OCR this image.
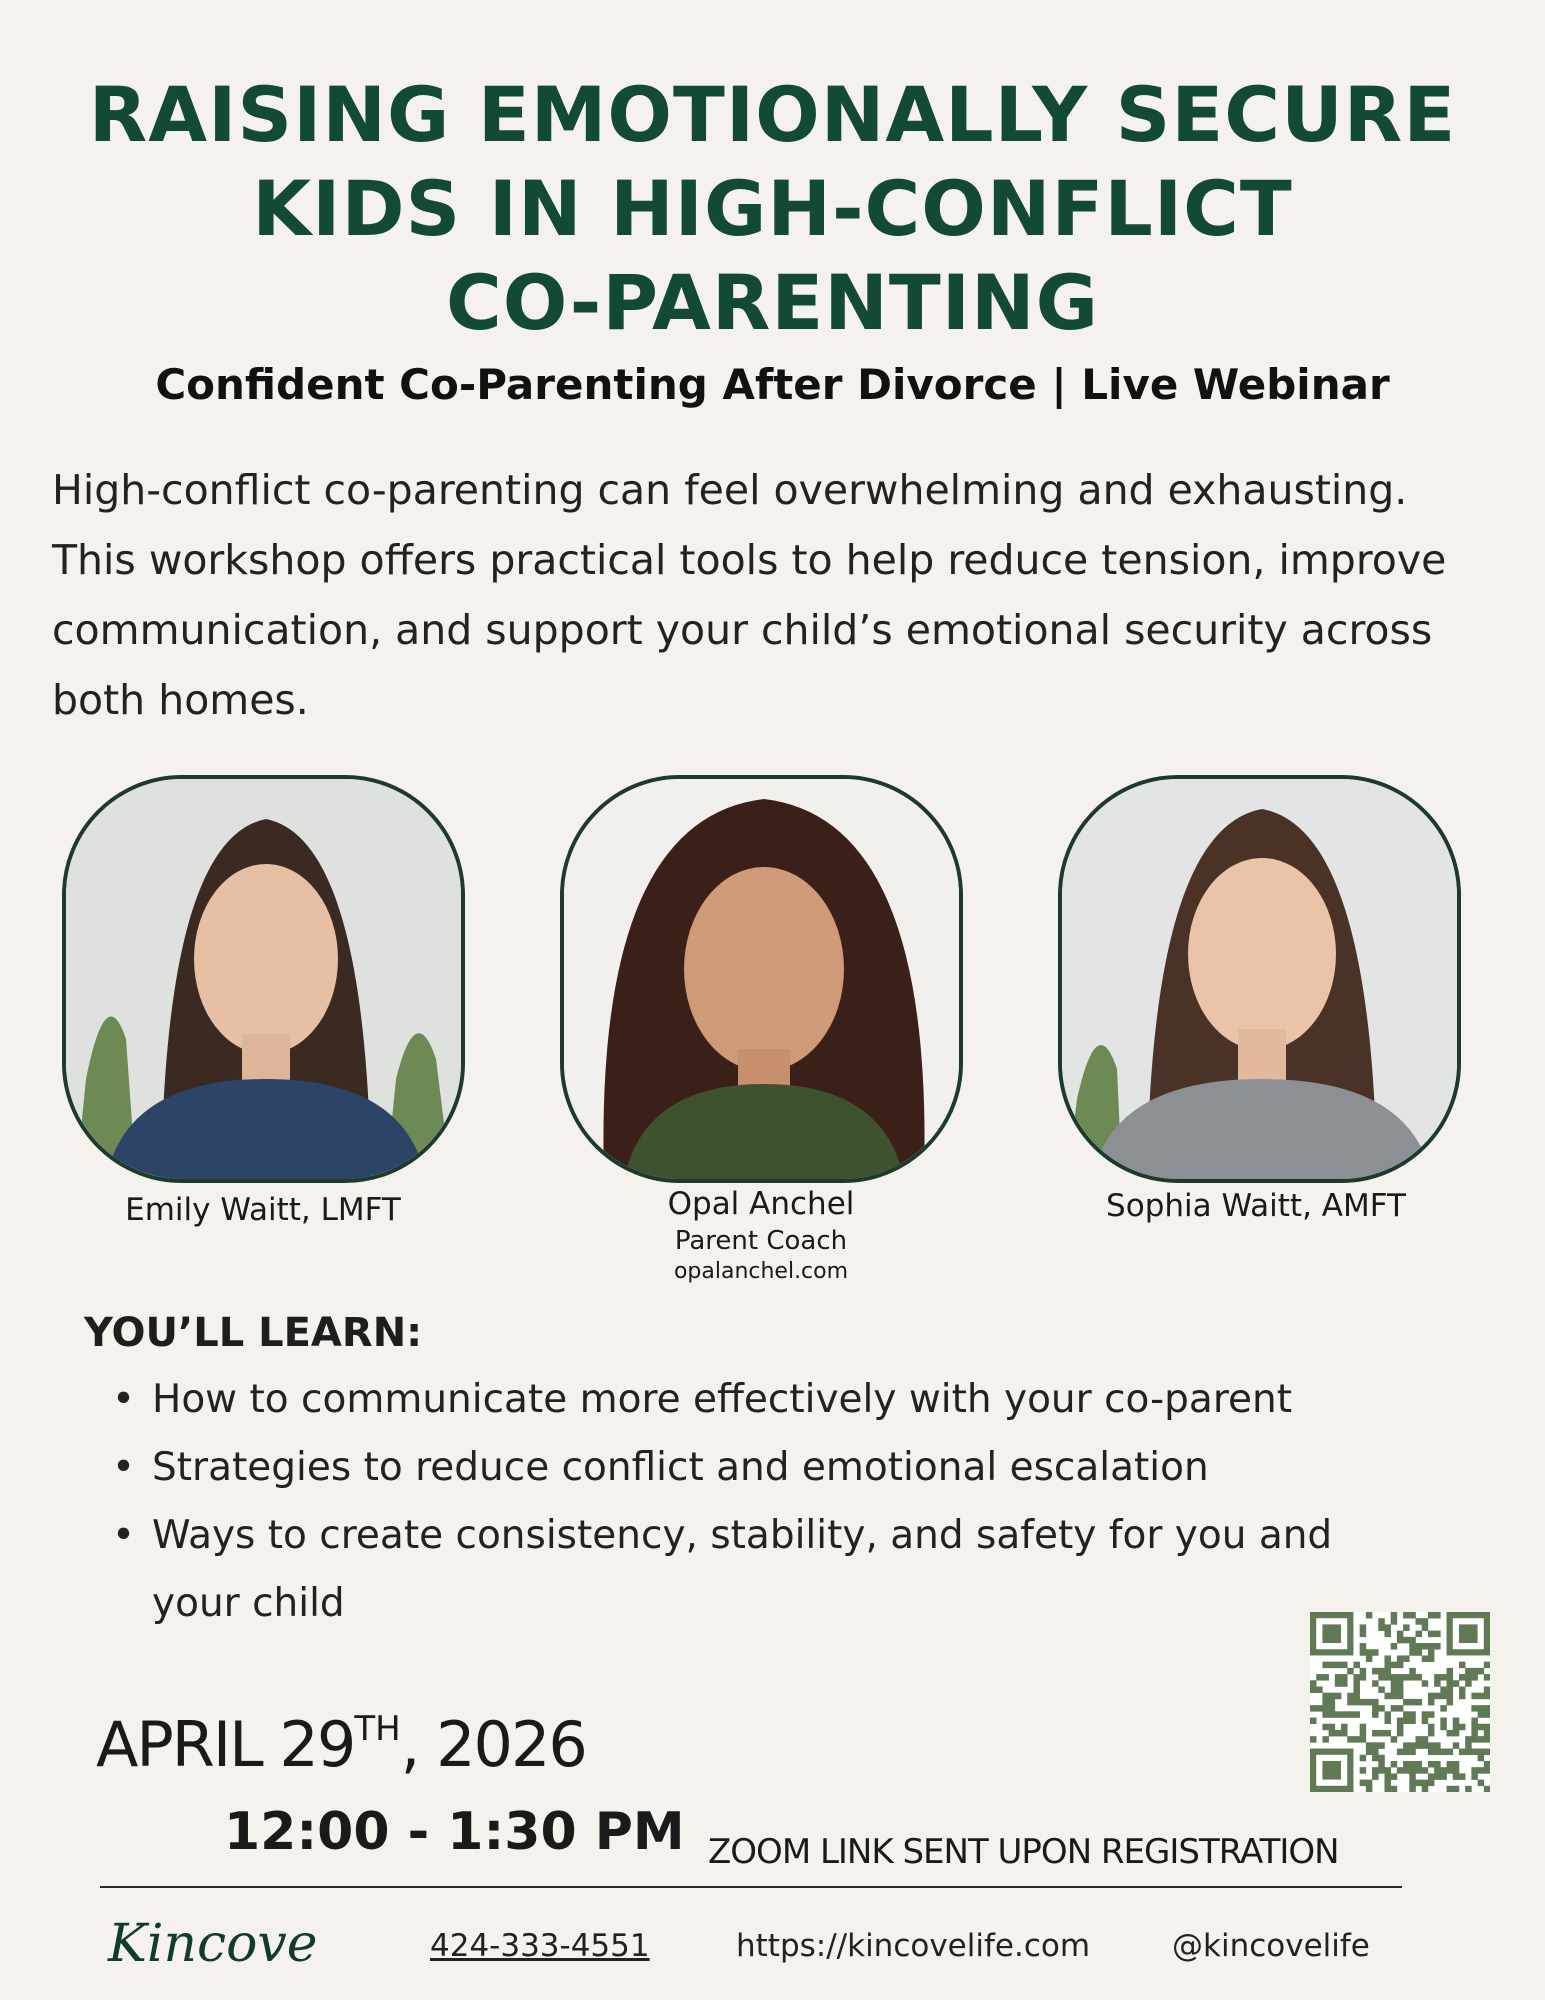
RAISING EMOTIONALLY SECURE
KIDS IN HIGH-CONFLICT
CO-PARENTING
Confident Co-Parenting After Divorce | Live Webinar
High-conflict co-parenting can feel overwhelming and exhausting. This workshop offers practical tools to help reduce tension, improve communication, and support your child’s emotional security across both homes.
Emily Waitt, LMFT	Opal Anchel
Parent Coach
opalanchel.com
Sophia Waitt, AMFT
YOU’LL LEARN:
• How to communicate more effectively with your co-parent
• Strategies to reduce conflict and emotional escalation
• Ways to create consistency, stability, and safety for you and your child
APRIL 29TH, 2026
12:00 - 1:30 PM ZOOM LINK SENT UPON REGISTRATION
Kincove	424-333-4551	https://kincovelife.com	@kincovelife
